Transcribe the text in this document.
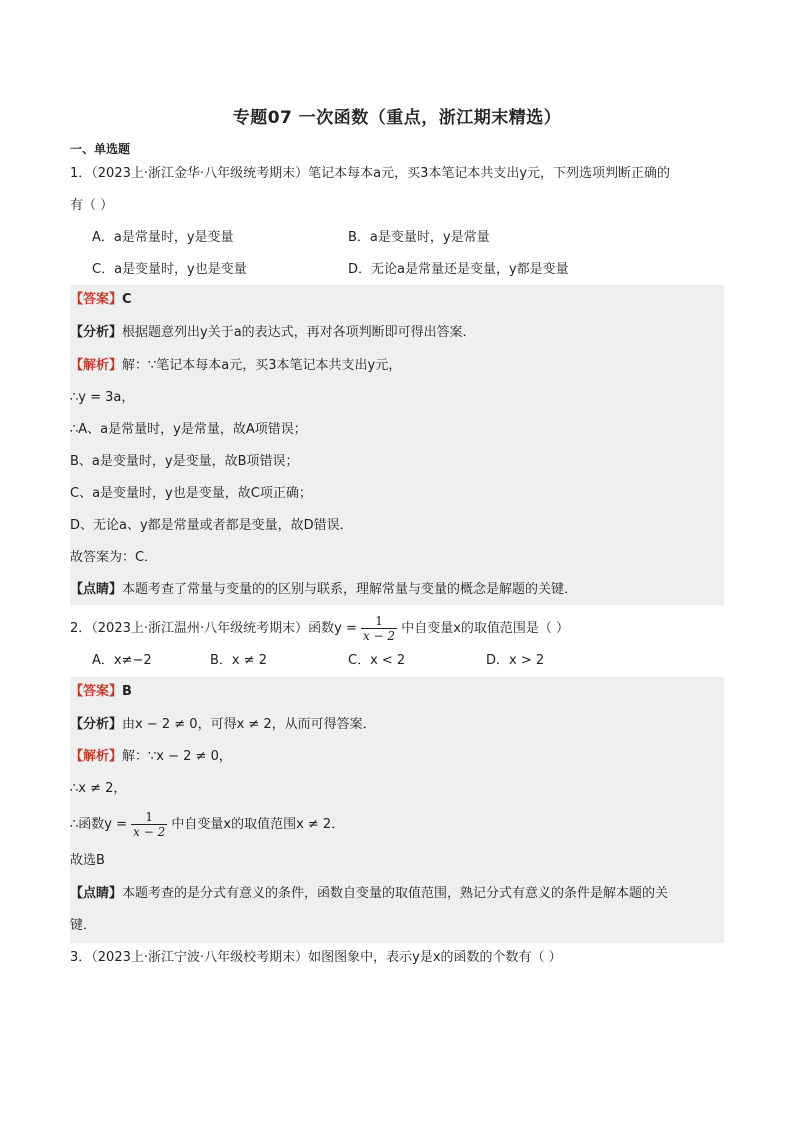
专题07 一次函数（重点，浙江期末精选）
一、单选题
1．（2023上·浙江金华·八年级统考期末）笔记本每本a元，买3本笔记本共支出y元，下列选项判断正确的
有（ ）
A．a是常量时，y是变量	B．a是变量时，y是常量
C．a是变量时，y也是变量	D．无论a是常量还是变量，y都是变量
【答案】C
【分析】根据题意列出y关于a的表达式，再对各项判断即可得出答案．
【解析】解：∵笔记本每本a元，买3本笔记本共支出y元，
∴y = 3a，
∴A、a是常量时，y是常量，故A项错误；
B、a是变量时，y是变量，故B项错误；
C、a是变量时，y也是变量，故C项正确；
D、无论a、y都是常量或者都是变量，故D错误．
故答案为：C．
【点睛】本题考查了常量与变量的的区别与联系，理解常量与变量的概念是解题的关键．
2．（2023上·浙江温州·八年级统考期末）函数$y = \frac{1}{x - 2}$ 中自变量x的取值范围是（ ）
A．x≠−2	B．x ≠ 2	C．x < 2	D．x > 2
【答案】B
【分析】由x − 2 ≠ 0，可得x ≠ 2，从而可得答案．
【解析】解：∵x − 2 ≠ 0，
∴x ≠ 2，
∴函数$y = \frac{1}{x - 2}$ 中自变量x的取值范围x ≠ 2．
故选B
【点睛】本题考查的是分式有意义的条件，函数自变量的取值范围，熟记分式有意义的条件是解本题的关
键．
3．（2023上·浙江宁波·八年级校考期末）如图图象中，表示y是x的函数的个数有（ ）
